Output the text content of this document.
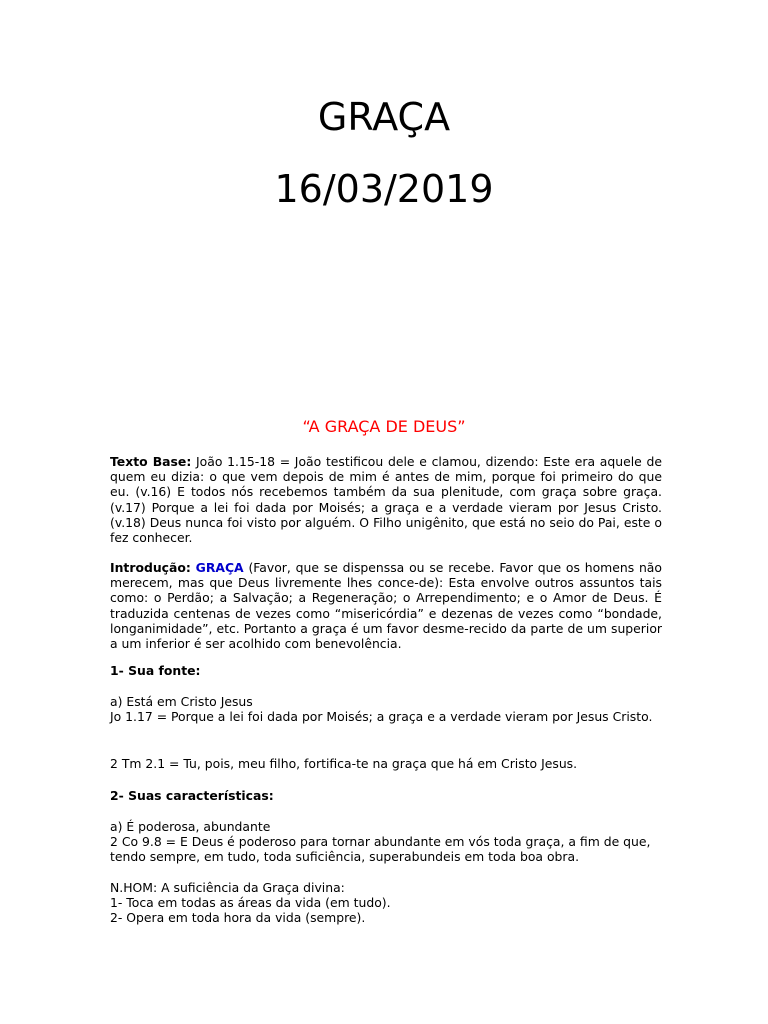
GRAÇA
16/03/2019
“A GRAÇA DE DEUS”
Texto Base: João 1.15-18 = João testificou dele e clamou, dizendo: Este era aquele de quem eu dizia: o que vem depois de mim é antes de mim, porque foi primeiro do que eu. (v.16) E todos nós recebemos também da sua plenitude, com graça sobre graça. (v.17) Porque a lei foi dada por Moisés; a graça e a verdade vieram por Jesus Cristo. (v.18) Deus nunca foi visto por alguém. O Filho unigênito, que está no seio do Pai, este o fez conhecer.
Introdução: GRAÇA (Favor, que se dispenssa ou se recebe. Favor que os homens não merecem, mas que Deus livremente lhes conce-de): Esta envolve outros assuntos tais como: o Perdão; a Salvação; a Regeneração; o Arrependimento; e o Amor de Deus. É traduzida centenas de vezes como “misericórdia” e dezenas de vezes como “bondade, longanimidade”, etc. Portanto a graça é um favor desme-recido da parte de um superior a um inferior é ser acolhido com benevolência.
1- Sua fonte:
a) Está em Cristo Jesus
Jo 1.17 = Porque a lei foi dada por Moisés; a graça e a verdade vieram por Jesus Cristo.
2 Tm 2.1 = Tu, pois, meu filho, fortifica-te na graça que há em Cristo Jesus.
2- Suas características:
a) É poderosa, abundante
2 Co 9.8 = E Deus é poderoso para tornar abundante em vós toda graça, a fim de que, tendo sempre, em tudo, toda suficiência, superabundeis em toda boa obra.
N.HOM: A suficiência da Graça divina:
1- Toca em todas as áreas da vida (em tudo).
2- Opera em toda hora da vida (sempre).
